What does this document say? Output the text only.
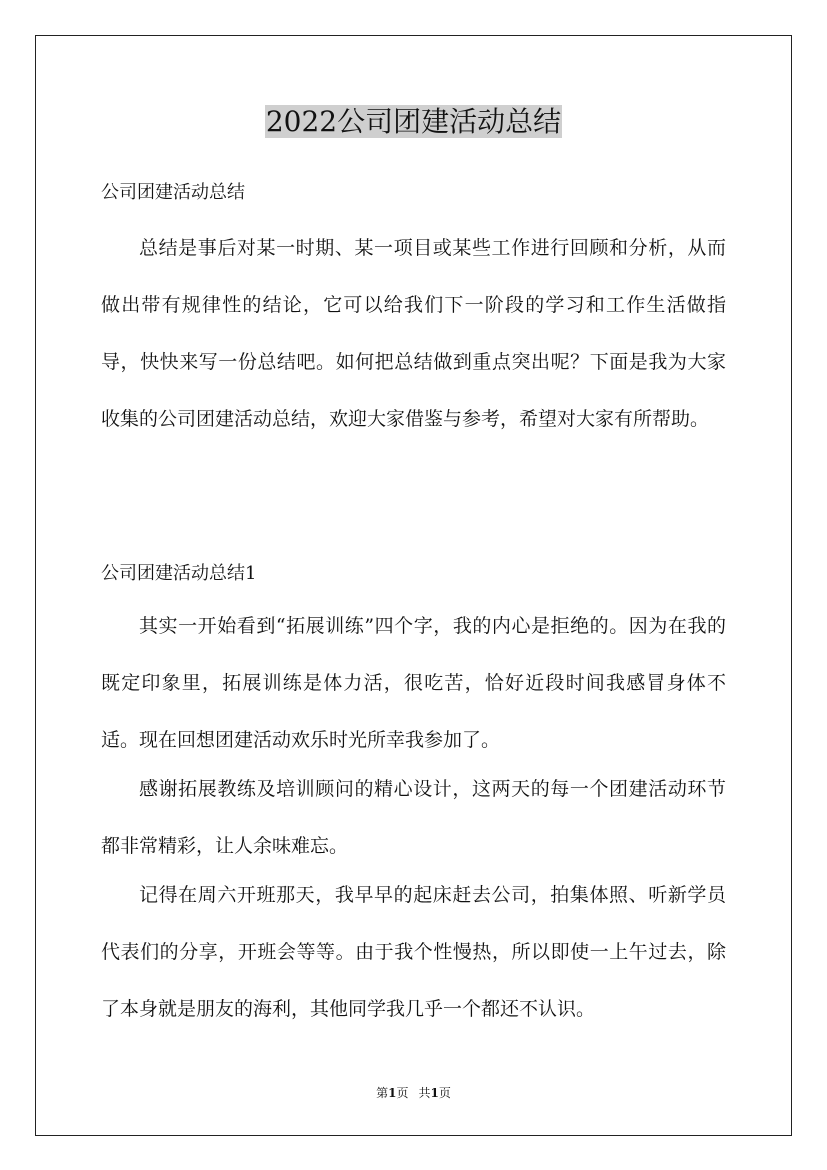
2022公司团建活动总结

公司团建活动总结

总结是事后对某一时期、某一项目或某些工作进行回顾和分析，从而做出带有规律性的结论，它可以给我们下一阶段的学习和工作生活做指导，快快来写一份总结吧。如何把总结做到重点突出呢？下面是我为大家收集的公司团建活动总结，欢迎大家借鉴与参考，希望对大家有所帮助。

公司团建活动总结1

其实一开始看到“拓展训练”四个字，我的内心是拒绝的。因为在我的既定印象里，拓展训练是体力活，很吃苦，恰好近段时间我感冒身体不适。现在回想团建活动欢乐时光所幸我参加了。

感谢拓展教练及培训顾问的精心设计，这两天的每一个团建活动环节都非常精彩，让人余味难忘。

记得在周六开班那天，我早早的起床赶去公司，拍集体照、听新学员代表们的分享，开班会等等。由于我个性慢热，所以即使一上午过去，除了本身就是朋友的海利，其他同学我几乎一个都还不认识。

第1页 共1页
